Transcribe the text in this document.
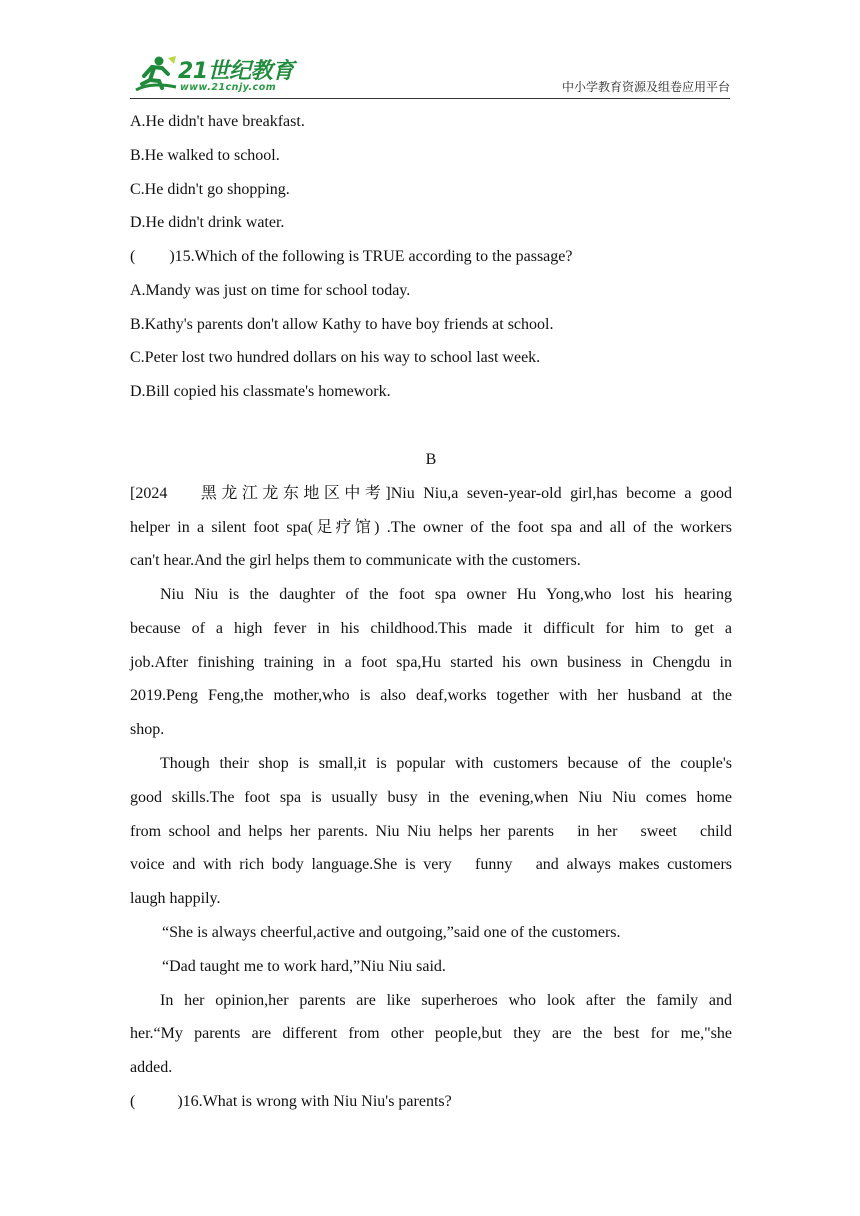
21世纪教育
www.21cnjy.com	中小学教育资源及组卷应用平台
A.He didn't have breakfast.
B.He walked to school.
C.He didn't go shopping.
D.He didn't drink water.
( )15.Which of the following is TRUE according to the passage?
A.Mandy was just on time for school today.
B.Kathy's parents don't allow Kathy to have boy friends at school.
C.Peter lost two hundred dollars on his way to school last week.
D.Bill copied his classmate's homework.
B
[2024　 黑龙江龙东地区中考]Niu Niu,a seven-year-old girl,has become a good
helper in a silent foot spa(足疗馆) .The owner of the foot spa and all of the workers
can't hear.And the girl helps them to communicate with the customers.
Niu Niu is the daughter of the foot spa owner Hu Yong,who lost his hearing
because of a high fever in his childhood.This made it difficult for him to get a
job.After finishing training in a foot spa,Hu started his own business in Chengdu in
2019.Peng Feng,the mother,who is also deaf,works together with her husband at the
shop.
Though their shop is small,it is popular with customers because of the couple's
good skills.The foot spa is usually busy in the evening,when Niu Niu comes home
from school and helps her parents. Niu Niu helps her parents　in her　sweet　child
voice and with rich body language.She is very　funny　and always makes customers
laugh happily.
“She is always cheerful,active and outgoing,”said one of the customers.
“Dad taught me to work hard,”Niu Niu said.
In her opinion,her parents are like superheroes who look after the family and
her.“My parents are different from other people,but they are the best for me,"she
added.
(	)16.What is wrong with Niu Niu's parents?
